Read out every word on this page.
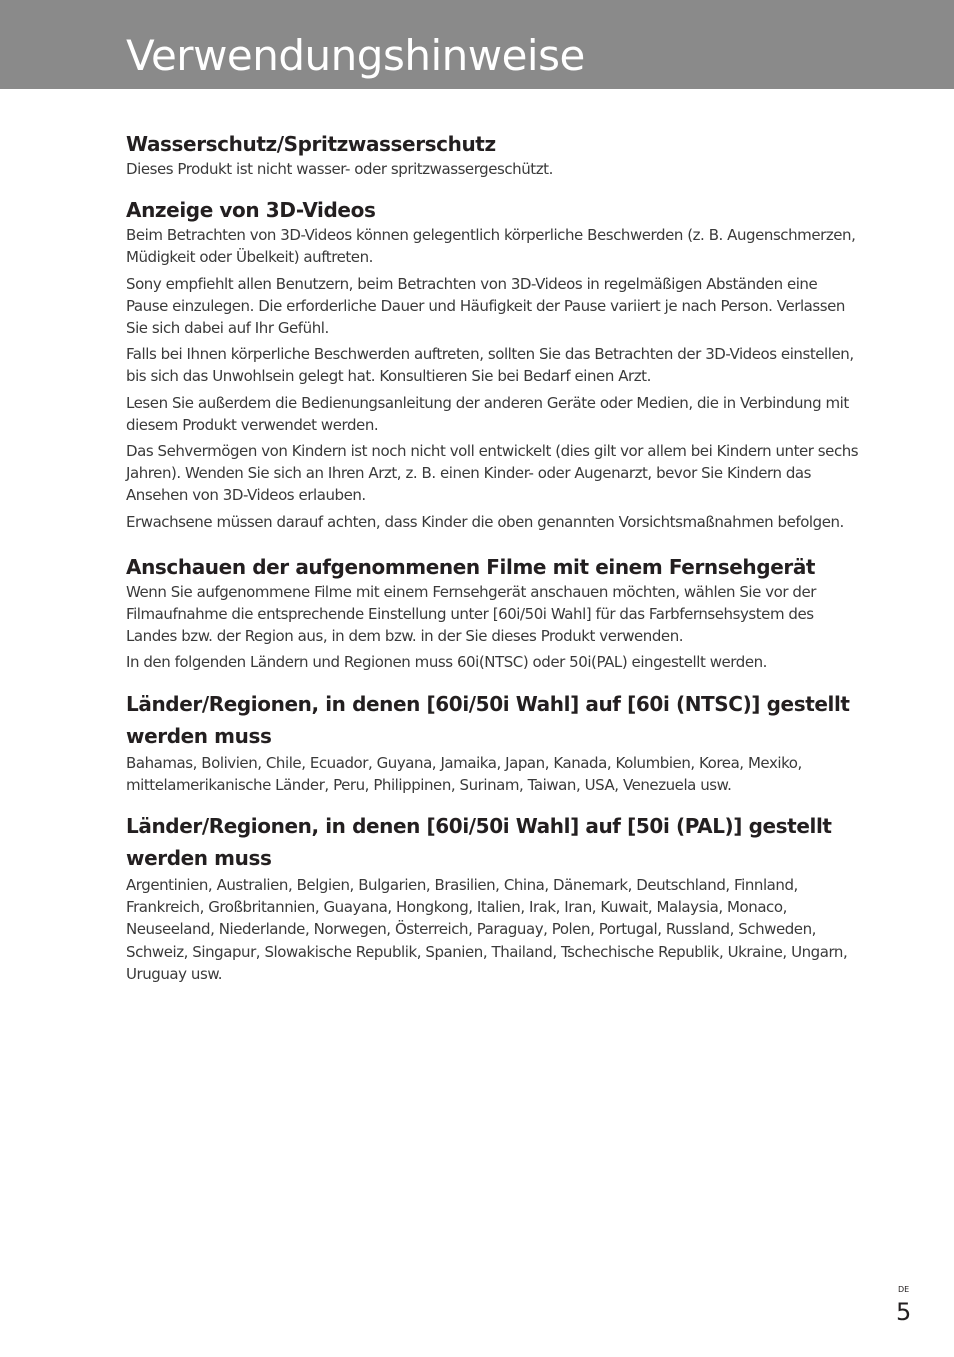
Verwendungshinweise
Wasserschutz/Spritzwasserschutz

Dieses Produkt ist nicht wasser- oder spritzwassergeschützt.

Anzeige von 3D-Videos

Beim Betrachten von 3D-Videos können gelegentlich körperliche Beschwerden (z. B. Augenschmerzen, Müdigkeit oder Übelkeit) auftreten.

Sony empfiehlt allen Benutzern, beim Betrachten von 3D-Videos in regelmäßigen Abständen eine Pause einzulegen. Die erforderliche Dauer und Häufigkeit der Pause variiert je nach Person. Verlassen Sie sich dabei auf Ihr Gefühl.

Falls bei Ihnen körperliche Beschwerden auftreten, sollten Sie das Betrachten der 3D-Videos einstellen, bis sich das Unwohlsein gelegt hat. Konsultieren Sie bei Bedarf einen Arzt.

Lesen Sie außerdem die Bedienungsanleitung der anderen Geräte oder Medien, die in Verbindung mit diesem Produkt verwendet werden.

Das Sehvermögen von Kindern ist noch nicht voll entwickelt (dies gilt vor allem bei Kindern unter sechs Jahren). Wenden Sie sich an Ihren Arzt, z. B. einen Kinder- oder Augenarzt, bevor Sie Kindern das Ansehen von 3D-Videos erlauben.

Erwachsene müssen darauf achten, dass Kinder die oben genannten Vorsichtsmaßnahmen befolgen.

Anschauen der aufgenommenen Filme mit einem Fernsehgerät

Wenn Sie aufgenommene Filme mit einem Fernsehgerät anschauen möchten, wählen Sie vor der Filmaufnahme die entsprechende Einstellung unter [60i/50i Wahl] für das Farbfernsehsystem des Landes bzw. der Region aus, in dem bzw. in der Sie dieses Produkt verwenden.

In den folgenden Ländern und Regionen muss 60i(NTSC) oder 50i(PAL) eingestellt werden.

Länder/Regionen, in denen [60i/50i Wahl] auf [60i (NTSC)] gestellt werden muss

Bahamas, Bolivien, Chile, Ecuador, Guyana, Jamaika, Japan, Kanada, Kolumbien, Korea, Mexiko, mittelamerikanische Länder, Peru, Philippinen, Surinam, Taiwan, USA, Venezuela usw.

Länder/Regionen, in denen [60i/50i Wahl] auf [50i (PAL)] gestellt werden muss

Argentinien, Australien, Belgien, Bulgarien, Brasilien, China, Dänemark, Deutschland, Finnland, Frankreich, Großbritannien, Guayana, Hongkong, Italien, Irak, Iran, Kuwait, Malaysia, Monaco, Neuseeland, Niederlande, Norwegen, Österreich, Paraguay, Polen, Portugal, Russland, Schweden, Schweiz, Singapur, Slowakische Republik, Spanien, Thailand, Tschechische Republik, Ukraine, Ungarn, Uruguay usw.

DE
5
